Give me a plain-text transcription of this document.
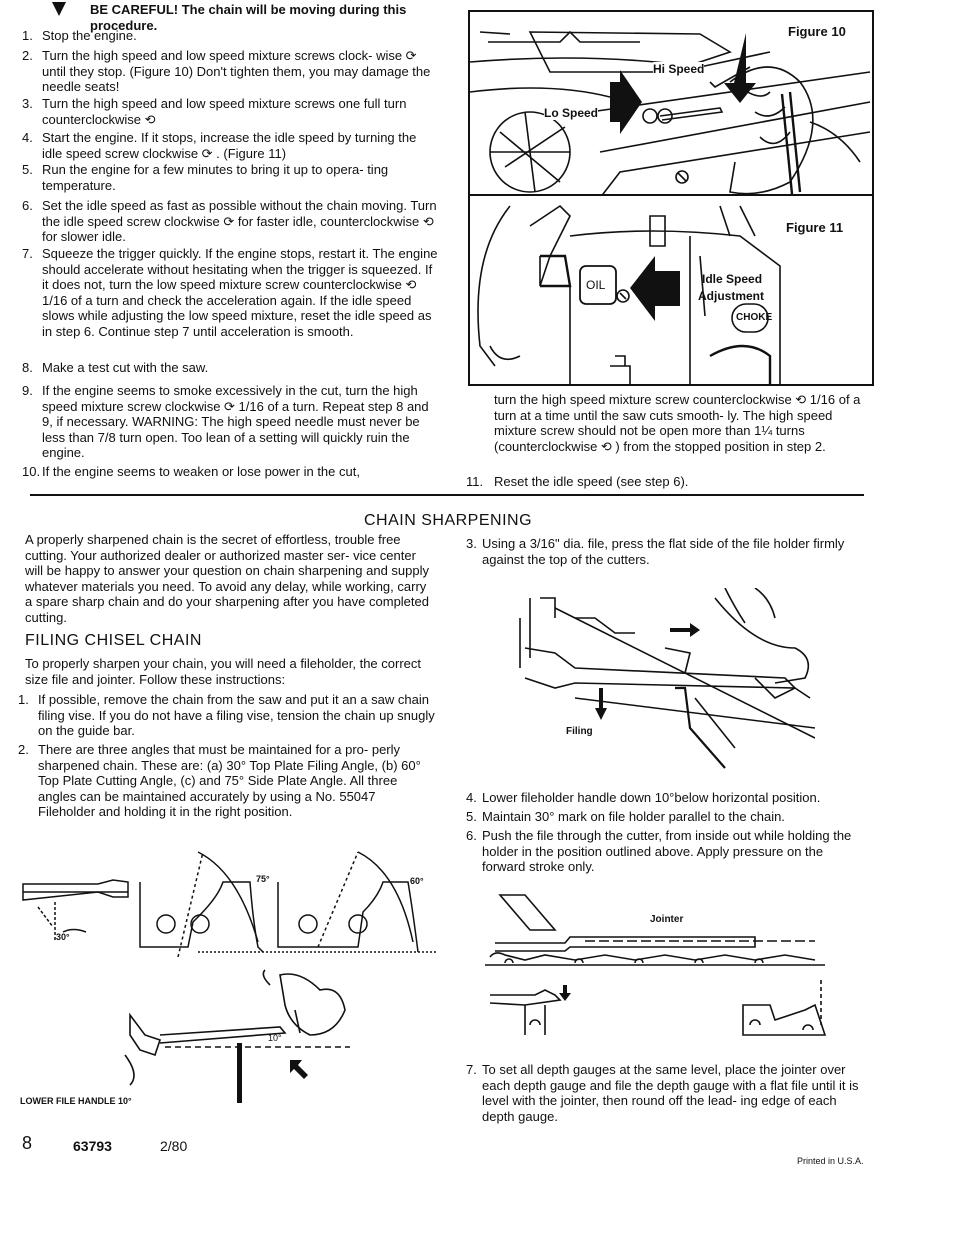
BE CAREFUL! The chain will be moving during this procedure.
1. Stop the engine.
2. Turn the high speed and low speed mixture screws clock- wise ⟳ until they stop. (Figure 10) Don't tighten them, you may damage the needle seats!
3. Turn the high speed and low speed mixture screws one full turn counterclockwise ⟲
4. Start the engine. If it stops, increase the idle speed by turning the idle speed screw clockwise ⟳ . (Figure 11)
5. Run the engine for a few minutes to bring it up to opera- ting temperature.
6. Set the idle speed as fast as possible without the chain moving. Turn the idle speed screw clockwise ⟳ for faster idle, counterclockwise ⟲ for slower idle.
7. Squeeze the trigger quickly. If the engine stops, restart it. The engine should accelerate without hesitating when the trigger is squeezed. If it does not, turn the low speed mixture screw counterclockwise ⟲ 1/16 of a turn and check the acceleration again. If the idle speed slows while adjusting the low speed mixture, reset the idle speed as in step 6. Continue step 7 until acceleration is smooth.
8. Make a test cut with the saw.
9. If the engine seems to smoke excessively in the cut, turn the high speed mixture screw clockwise ⟳ 1/16 of a turn. Repeat step 8 and 9, if necessary. WARNING: The high speed needle must never be less than 7/8 turn open. Too lean of a setting will quickly ruin the engine.
10. If the engine seems to weaken or lose power in the cut,
Figure 10
Hi Speed
Lo Speed
Figure 11
OIL	Idle Speed
Adjustment
CHOKE
turn the high speed mixture screw counterclockwise ⟲ 1/16 of a turn at a time until the saw cuts smooth- ly. The high speed mixture screw should not be open more than 1¼ turns (counterclockwise ⟲ ) from the stopped position in step 2.
11. Reset the idle speed (see step 6).
CHAIN SHARPENING
A properly sharpened chain is the secret of effortless, trouble free cutting. Your authorized dealer or authorized master ser- vice center will be happy to answer your question on chain sharpening and supply whatever materials you need. To avoid any delay, while working, carry a spare sharp chain and do your sharpening after you have completed cutting.
FILING CHISEL CHAIN
To properly sharpen your chain, you will need a fileholder, the correct size file and jointer. Follow these instructions:
1. If possible, remove the chain from the saw and put it an a saw chain filing vise. If you do not have a filing vise, tension the chain up snugly on the guide bar.
2. There are three angles that must be maintained for a pro- perly sharpened chain. These are: (a) 30° Top Plate Filing Angle, (b) 60° Top Plate Cutting Angle, (c) and 75° Side Plate Angle. All three angles can be maintained accurately by using a No. 55047 Fileholder and holding it in the right position.
3. Using a 3/16" dia. file, press the flat side of the file holder firmly against the top of the cutters.
4. Lower fileholder handle down 10°below horizontal position.
5. Maintain 30° mark on file holder parallel to the chain.
6. Push the file through the cutter, from inside out while holding the holder in the position outlined above. Apply pressure on the forward stroke only.
7. To set all depth gauges at the same level, place the jointer over each depth gauge and file the depth gauge with a flat file until it is level with the jointer, then round off the lead- ing edge of each depth gauge.
30°
75°	60°
10°
LOWER FILE HANDLE 10°
Filing
Jointer
8	63793	2/80
Printed in U.S.A.
